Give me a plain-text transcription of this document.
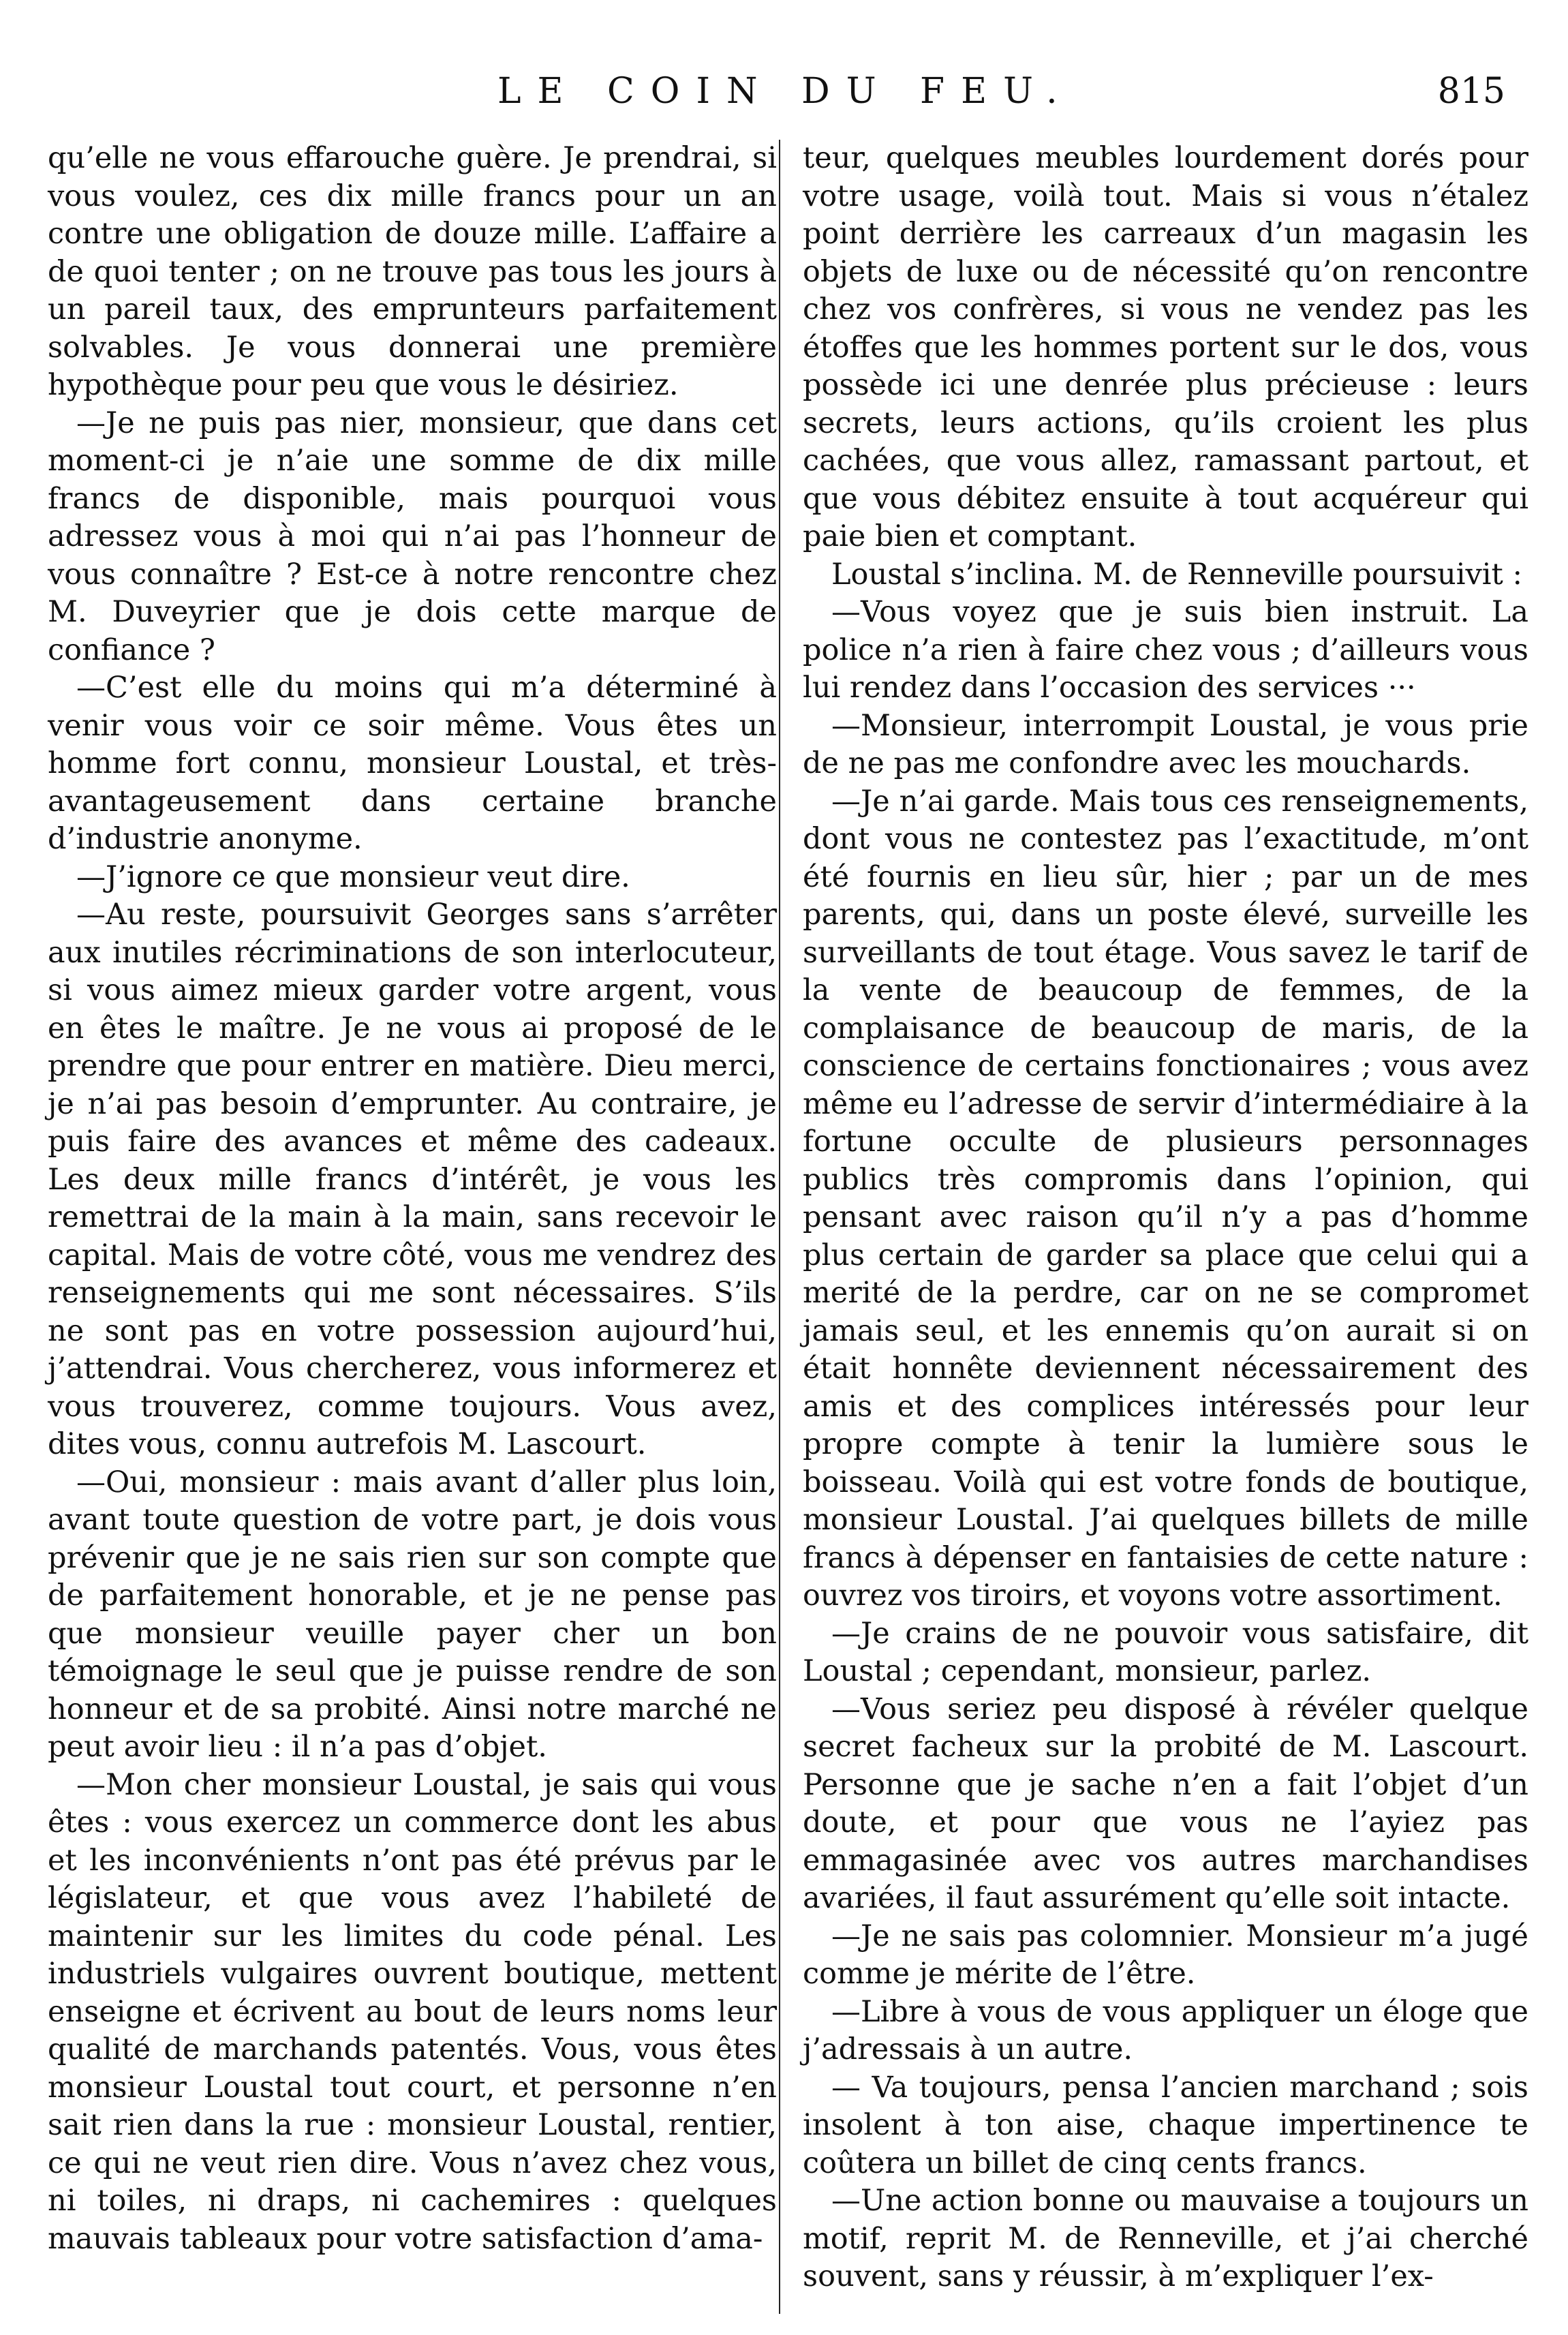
LE COIN DU FEU.	815

qu’elle ne vous effarouche guère. Je prendrai, si vous voulez, ces dix mille francs pour un an contre une obligation de douze mille. L’affaire a de quoi tenter ; on ne trouve pas tous les jours à un pareil taux, des emprunteurs parfaitement solvables. Je vous donnerai une première hypothèque pour peu que vous le désiriez.

—Je ne puis pas nier, monsieur, que dans cet moment-ci je n’aie une somme de dix mille francs de disponible, mais pourquoi vous adressez vous à moi qui n’ai pas l’honneur de vous connaître ? Est-ce à notre rencontre chez M. Duveyrier que je dois cette marque de confiance ?

—C’est elle du moins qui m’a déterminé à venir vous voir ce soir même. Vous êtes un homme fort connu, monsieur Loustal, et très-avantageusement dans certaine branche d’industrie anonyme.

—J’ignore ce que monsieur veut dire.

—Au reste, poursuivit Georges sans s’arrêter aux inutiles récriminations de son interlocuteur, si vous aimez mieux garder votre argent, vous en êtes le maître. Je ne vous ai proposé de le prendre que pour entrer en matière. Dieu merci, je n’ai pas besoin d’emprunter. Au contraire, je puis faire des avances et même des cadeaux. Les deux mille francs d’intérêt, je vous les remettrai de la main à la main, sans recevoir le capital. Mais de votre côté, vous me vendrez des renseignements qui me sont nécessaires. S’ils ne sont pas en votre possession aujourd’hui, j’attendrai. Vous chercherez, vous informerez et vous trouverez, comme toujours. Vous avez, dites vous, connu autrefois M. Lascourt.

—Oui, monsieur : mais avant d’aller plus loin, avant toute question de votre part, je dois vous prévenir que je ne sais rien sur son compte que de parfaitement honorable, et je ne pense pas que monsieur veuille payer cher un bon témoignage le seul que je puisse rendre de son honneur et de sa probité. Ainsi notre marché ne peut avoir lieu : il n’a pas d’objet.

—Mon cher monsieur Loustal, je sais qui vous êtes : vous exercez un commerce dont les abus et les inconvénients n’ont pas été prévus par le législateur, et que vous avez l’habileté de maintenir sur les limites du code pénal. Les industriels vulgaires ouvrent boutique, mettent enseigne et écrivent au bout de leurs noms leur qualité de marchands patentés. Vous, vous êtes monsieur Loustal tout court, et personne n’en sait rien dans la rue : monsieur Loustal, rentier, ce qui ne veut rien dire. Vous n’avez chez vous, ni toiles, ni draps, ni cachemires : quelques mauvais tableaux pour votre satisfaction d’ama-

teur, quelques meubles lourdement dorés pour votre usage, voilà tout. Mais si vous n’étalez point derrière les carreaux d’un magasin les objets de luxe ou de nécessité qu’on rencontre chez vos confrères, si vous ne vendez pas les étoffes que les hommes portent sur le dos, vous possède ici une denrée plus précieuse : leurs secrets, leurs actions, qu’ils croient les plus cachées, que vous allez, ramassant partout, et que vous débitez ensuite à tout acquéreur qui paie bien et comptant.

Loustal s’inclina. M. de Renneville poursuivit :

—Vous voyez que je suis bien instruit. La police n’a rien à faire chez vous ; d’ailleurs vous lui rendez dans l’occasion des services ···

—Monsieur, interrompit Loustal, je vous prie de ne pas me confondre avec les mouchards.

—Je n’ai garde. Mais tous ces renseignements, dont vous ne contestez pas l’exactitude, m’ont été fournis en lieu sûr, hier ; par un de mes parents, qui, dans un poste élevé, surveille les surveillants de tout étage. Vous savez le tarif de la vente de beaucoup de femmes, de la complaisance de beaucoup de maris, de la conscience de certains fonctionaires ; vous avez même eu l’adresse de servir d’intermédiaire à la fortune occulte de plusieurs personnages publics très compromis dans l’opinion, qui pensant avec raison qu’il n’y a pas d’homme plus certain de garder sa place que celui qui a merité de la perdre, car on ne se compromet jamais seul, et les ennemis qu’on aurait si on était honnête deviennent nécessairement des amis et des complices intéressés pour leur propre compte à tenir la lumière sous le boisseau. Voilà qui est votre fonds de boutique, monsieur Loustal. J’ai quelques billets de mille francs à dépenser en fantaisies de cette nature : ouvrez vos tiroirs, et voyons votre assortiment.

—Je crains de ne pouvoir vous satisfaire, dit Loustal ; cependant, monsieur, parlez.

—Vous seriez peu disposé à révéler quelque secret facheux sur la probité de M. Lascourt. Personne que je sache n’en a fait l’objet d’un doute, et pour que vous ne l’ayiez pas emmagasinée avec vos autres marchandises avariées, il faut assurément qu’elle soit intacte.

—Je ne sais pas colomnier. Monsieur m’a jugé comme je mérite de l’être.

—Libre à vous de vous appliquer un éloge que j’adressais à un autre.

— Va toujours, pensa l’ancien marchand ; sois insolent à ton aise, chaque impertinence te coûtera un billet de cinq cents francs.

—Une action bonne ou mauvaise a toujours un motif, reprit M. de Renneville, et j’ai cherché souvent, sans y réussir, à m’expliquer l’ex-
